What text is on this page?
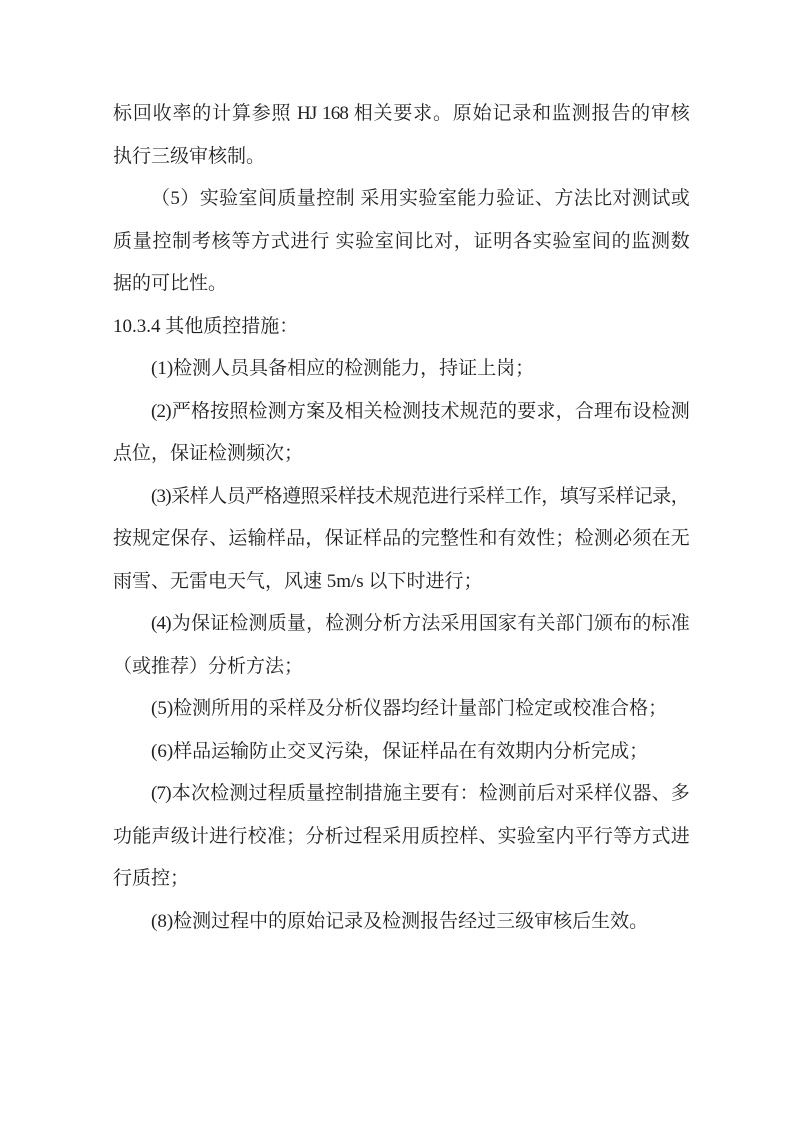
标回收率的计算参照 HJ 168 相关要求。原始记录和监测报告的审核
执行三级审核制。
（5）实验室间质量控制 采用实验室能力验证、方法比对测试或
质量控制考核等方式进行 实验室间比对，证明各实验室间的监测数
据的可比性。
10.3.4 其他质控措施：
(1)检测人员具备相应的检测能力，持证上岗；
(2)严格按照检测方案及相关检测技术规范的要求，合理布设检测
点位，保证检测频次；
(3)采样人员严格遵照采样技术规范进行采样工作，填写采样记录，
按规定保存、运输样品，保证样品的完整性和有效性；检测必须在无
雨雪、无雷电天气，风速 5m/s 以下时进行；
(4)为保证检测质量，检测分析方法采用国家有关部门颁布的标准
（或推荐）分析方法；
(5)检测所用的采样及分析仪器均经计量部门检定或校准合格；
(6)样品运输防止交叉污染，保证样品在有效期内分析完成；
(7)本次检测过程质量控制措施主要有：检测前后对采样仪器、多
功能声级计进行校准；分析过程采用质控样、实验室内平行等方式进
行质控；
(8)检测过程中的原始记录及检测报告经过三级审核后生效。
